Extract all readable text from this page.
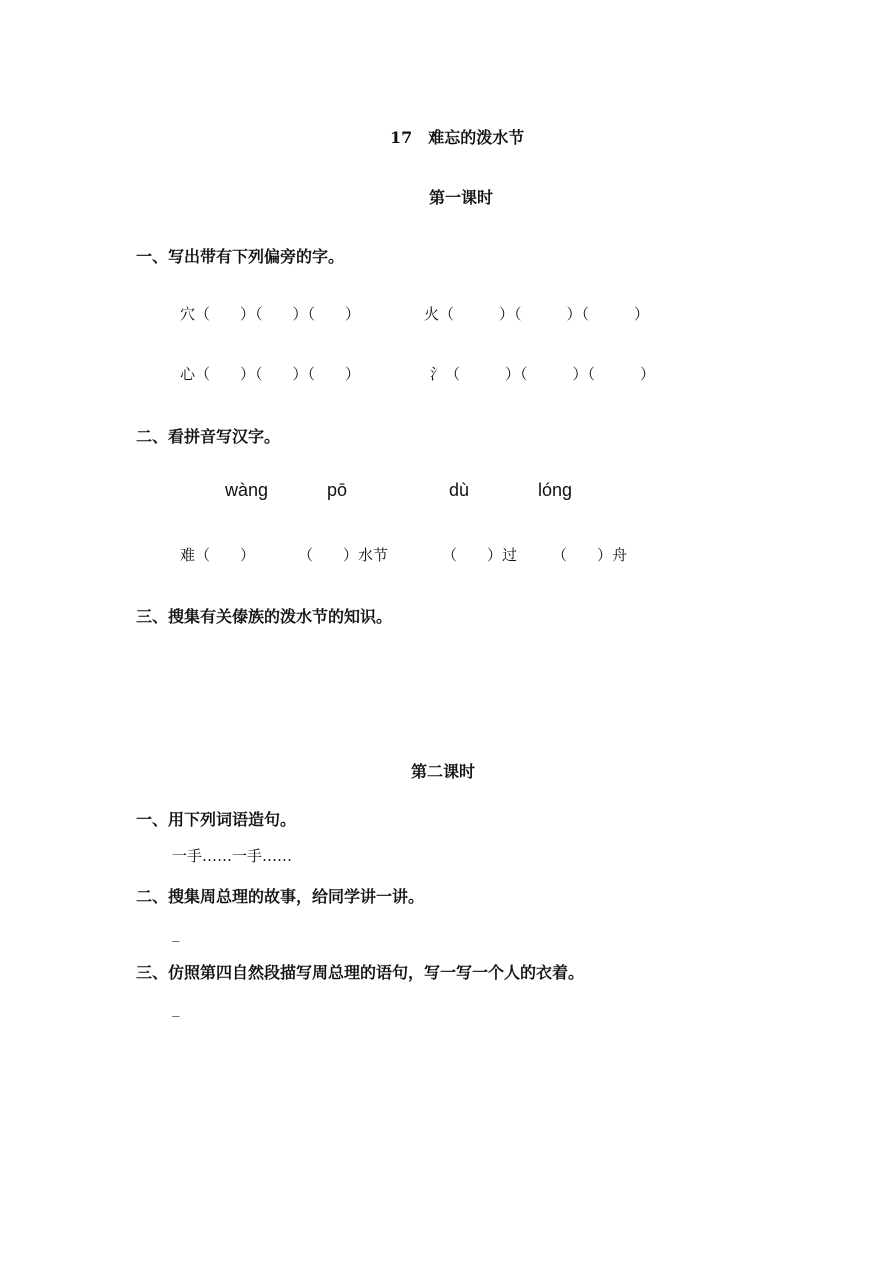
17　难忘的泼水节
第一课时
一、写出带有下列偏旁的字。
穴（　　）（　　）（　　）	火（　　　）（　　　）（　　　）
心（　　）（　　）（　　）	氵（　　　）（　　　）（　　　）
二、看拼音写汉字。
wàng	pō	dù	lóng
难（　　）	（　　）水节	（　　）过 （　　）舟
三、搜集有关傣族的泼水节的知识。
第二课时
一、用下列词语造句。
一手……一手……
二、搜集周总理的故事，给同学讲一讲。
_
三、仿照第四自然段描写周总理的语句，写一写一个人的衣着。
_
